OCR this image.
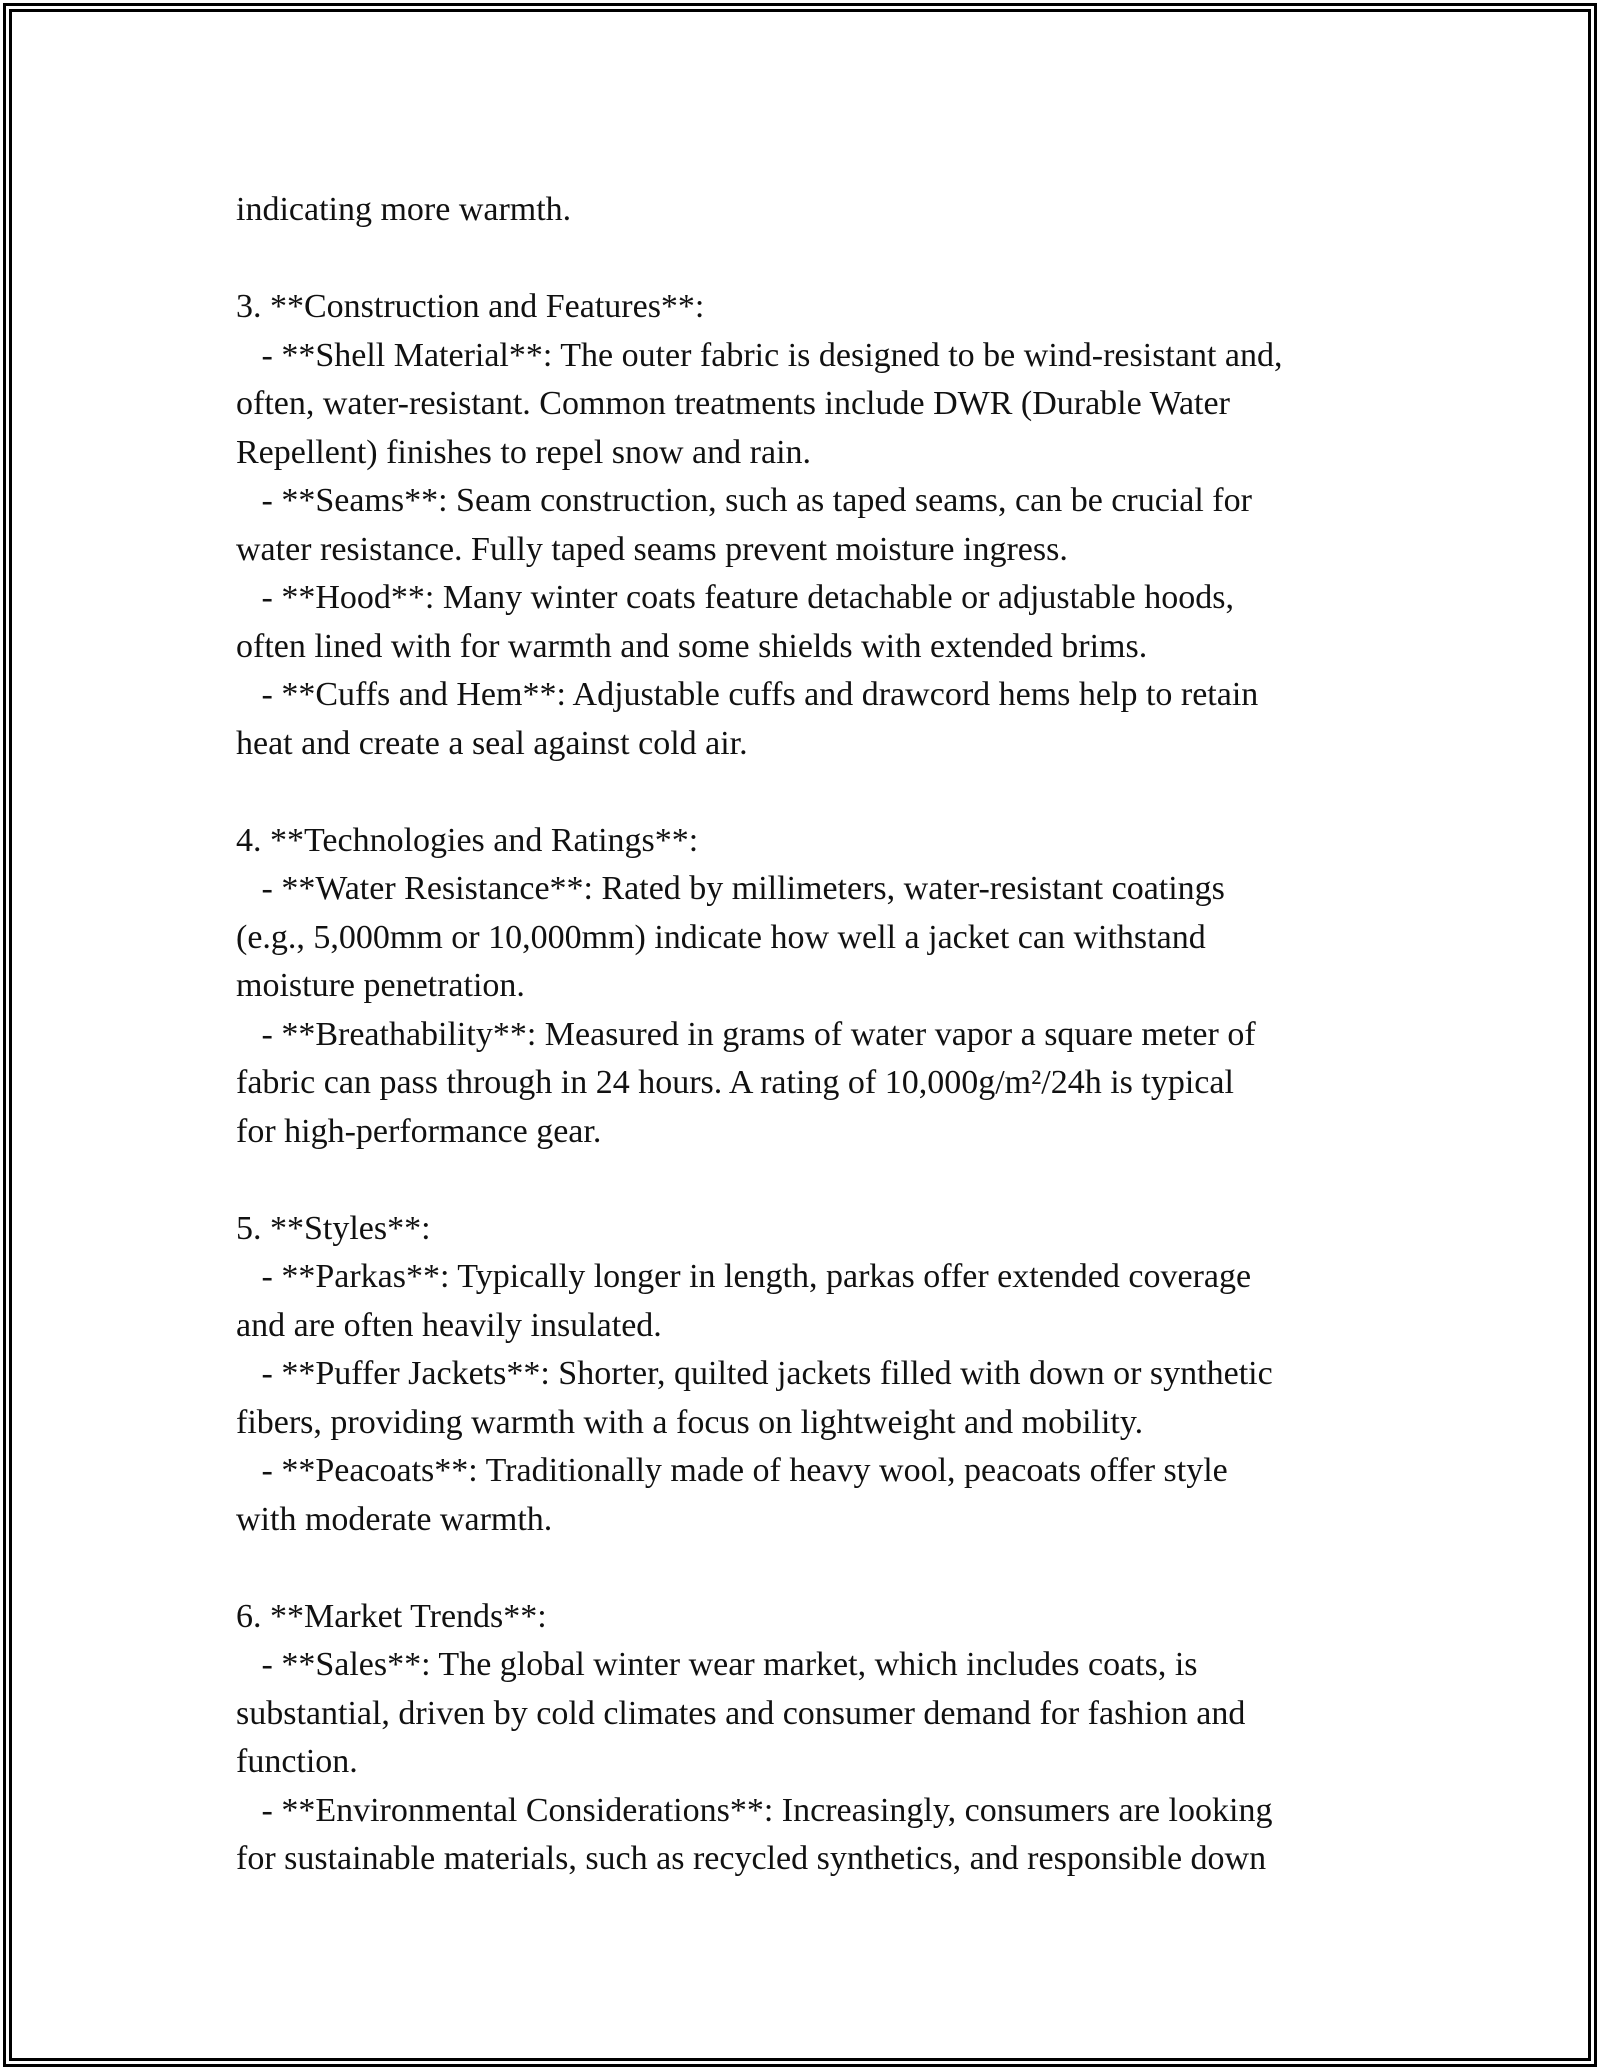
indicating more warmth.
3. **Construction and Features**:
- **Shell Material**: The outer fabric is designed to be wind-resistant and,
often, water-resistant. Common treatments include DWR (Durable Water
Repellent) finishes to repel snow and rain.
- **Seams**: Seam construction, such as taped seams, can be crucial for
water resistance. Fully taped seams prevent moisture ingress.
- **Hood**: Many winter coats feature detachable or adjustable hoods,
often lined with for warmth and some shields with extended brims.
- **Cuffs and Hem**: Adjustable cuffs and drawcord hems help to retain
heat and create a seal against cold air.
4. **Technologies and Ratings**:
- **Water Resistance**: Rated by millimeters, water-resistant coatings
(e.g., 5,000mm or 10,000mm) indicate how well a jacket can withstand
moisture penetration.
- **Breathability**: Measured in grams of water vapor a square meter of
fabric can pass through in 24 hours. A rating of 10,000g/m²/24h is typical
for high-performance gear.
5. **Styles**:
- **Parkas**: Typically longer in length, parkas offer extended coverage
and are often heavily insulated.
- **Puffer Jackets**: Shorter, quilted jackets filled with down or synthetic
fibers, providing warmth with a focus on lightweight and mobility.
- **Peacoats**: Traditionally made of heavy wool, peacoats offer style
with moderate warmth.
6. **Market Trends**:
- **Sales**: The global winter wear market, which includes coats, is
substantial, driven by cold climates and consumer demand for fashion and
function.
- **Environmental Considerations**: Increasingly, consumers are looking
for sustainable materials, such as recycled synthetics, and responsible down
